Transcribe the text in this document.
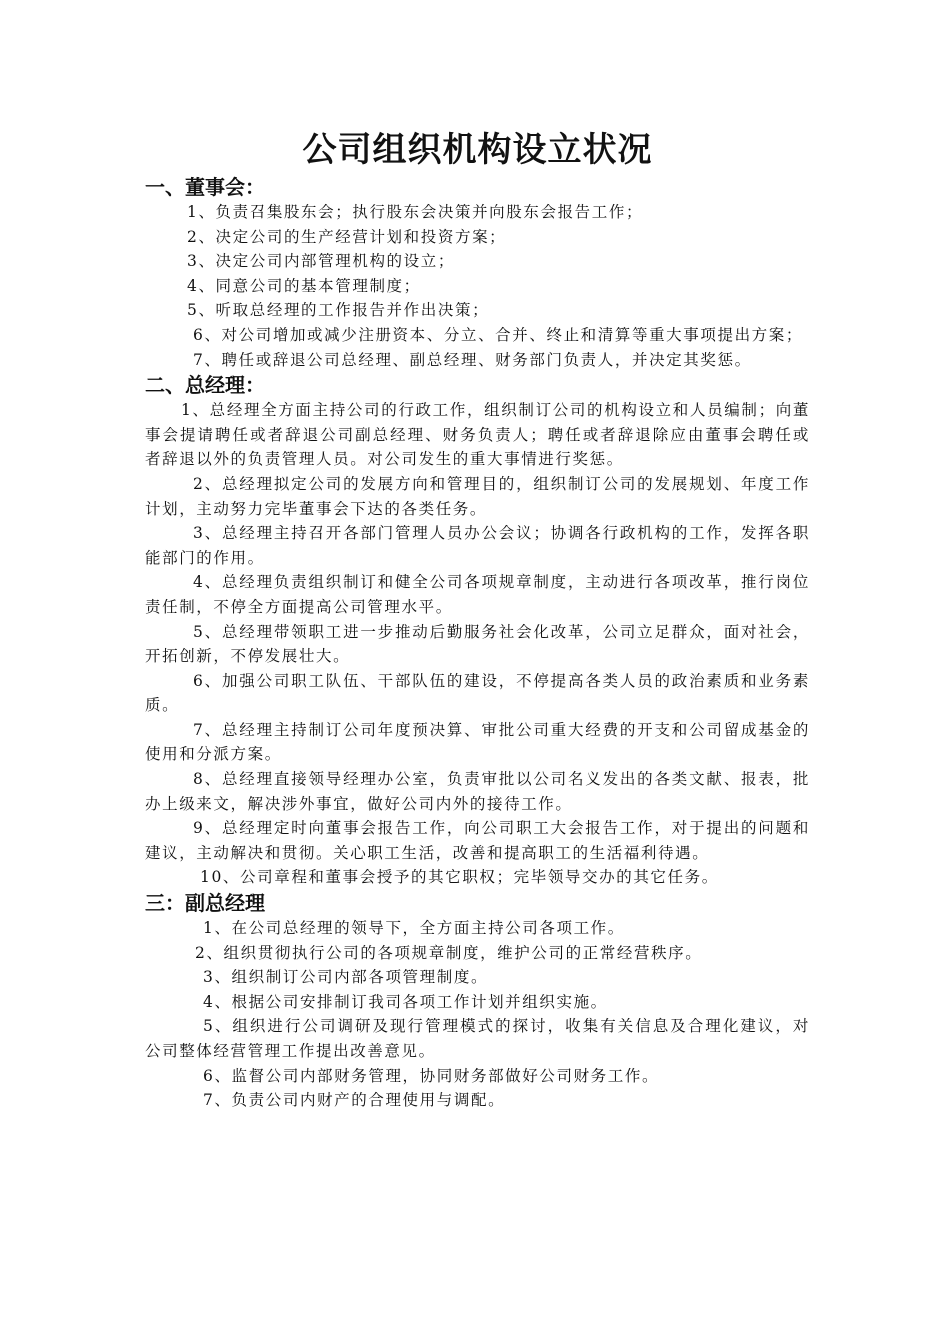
公司组织机构设立状况
一、董事会：

1、负责召集股东会；执行股东会决策并向股东会报告工作；

2、决定公司的生产经营计划和投资方案；

3、决定公司内部管理机构的设立；

4、同意公司的基本管理制度；

5、听取总经理的工作报告并作出决策；

6、对公司增加或减少注册资本、分立、合并、终止和清算等重大事项提出方案；

7、聘任或辞退公司总经理、副总经理、财务部门负责人，并决定其奖惩。

二、总经理：

1、总经理全方面主持公司的行政工作，组织制订公司的机构设立和人员编制；向董事会提请聘任或者辞退公司副总经理、财务负责人；聘任或者辞退除应由董事会聘任或者辞退以外的负责管理人员。对公司发生的重大事情进行奖惩。

2、总经理拟定公司的发展方向和管理目的，组织制订公司的发展规划、年度工作计划，主动努力完毕董事会下达的各类任务。

3、总经理主持召开各部门管理人员办公会议；协调各行政机构的工作，发挥各职能部门的作用。

4、总经理负责组织制订和健全公司各项规章制度，主动进行各项改革，推行岗位责任制，不停全方面提高公司管理水平。

5、总经理带领职工进一步推动后勤服务社会化改革，公司立足群众，面对社会，开拓创新，不停发展壮大。

6、加强公司职工队伍、干部队伍的建设，不停提高各类人员的政治素质和业务素质。

7、总经理主持制订公司年度预决算、审批公司重大经费的开支和公司留成基金的使用和分派方案。

8、总经理直接领导经理办公室，负责审批以公司名义发出的各类文献、报表，批办上级来文，解决涉外事宜，做好公司内外的接待工作。

9、总经理定时向董事会报告工作，向公司职工大会报告工作，对于提出的问题和建议，主动解决和贯彻。关心职工生活，改善和提高职工的生活福利待遇。

10、公司章程和董事会授予的其它职权；完毕领导交办的其它任务。

三：副总经理

1、在公司总经理的领导下，全方面主持公司各项工作。

2、组织贯彻执行公司的各项规章制度，维护公司的正常经营秩序。

3、组织制订公司内部各项管理制度。

4、根据公司安排制订我司各项工作计划并组织实施。

5、组织进行公司调研及现行管理模式的探讨，收集有关信息及合理化建议，对公司整体经营管理工作提出改善意见。

6、监督公司内部财务管理，协同财务部做好公司财务工作。

7、负责公司内财产的合理使用与调配。
